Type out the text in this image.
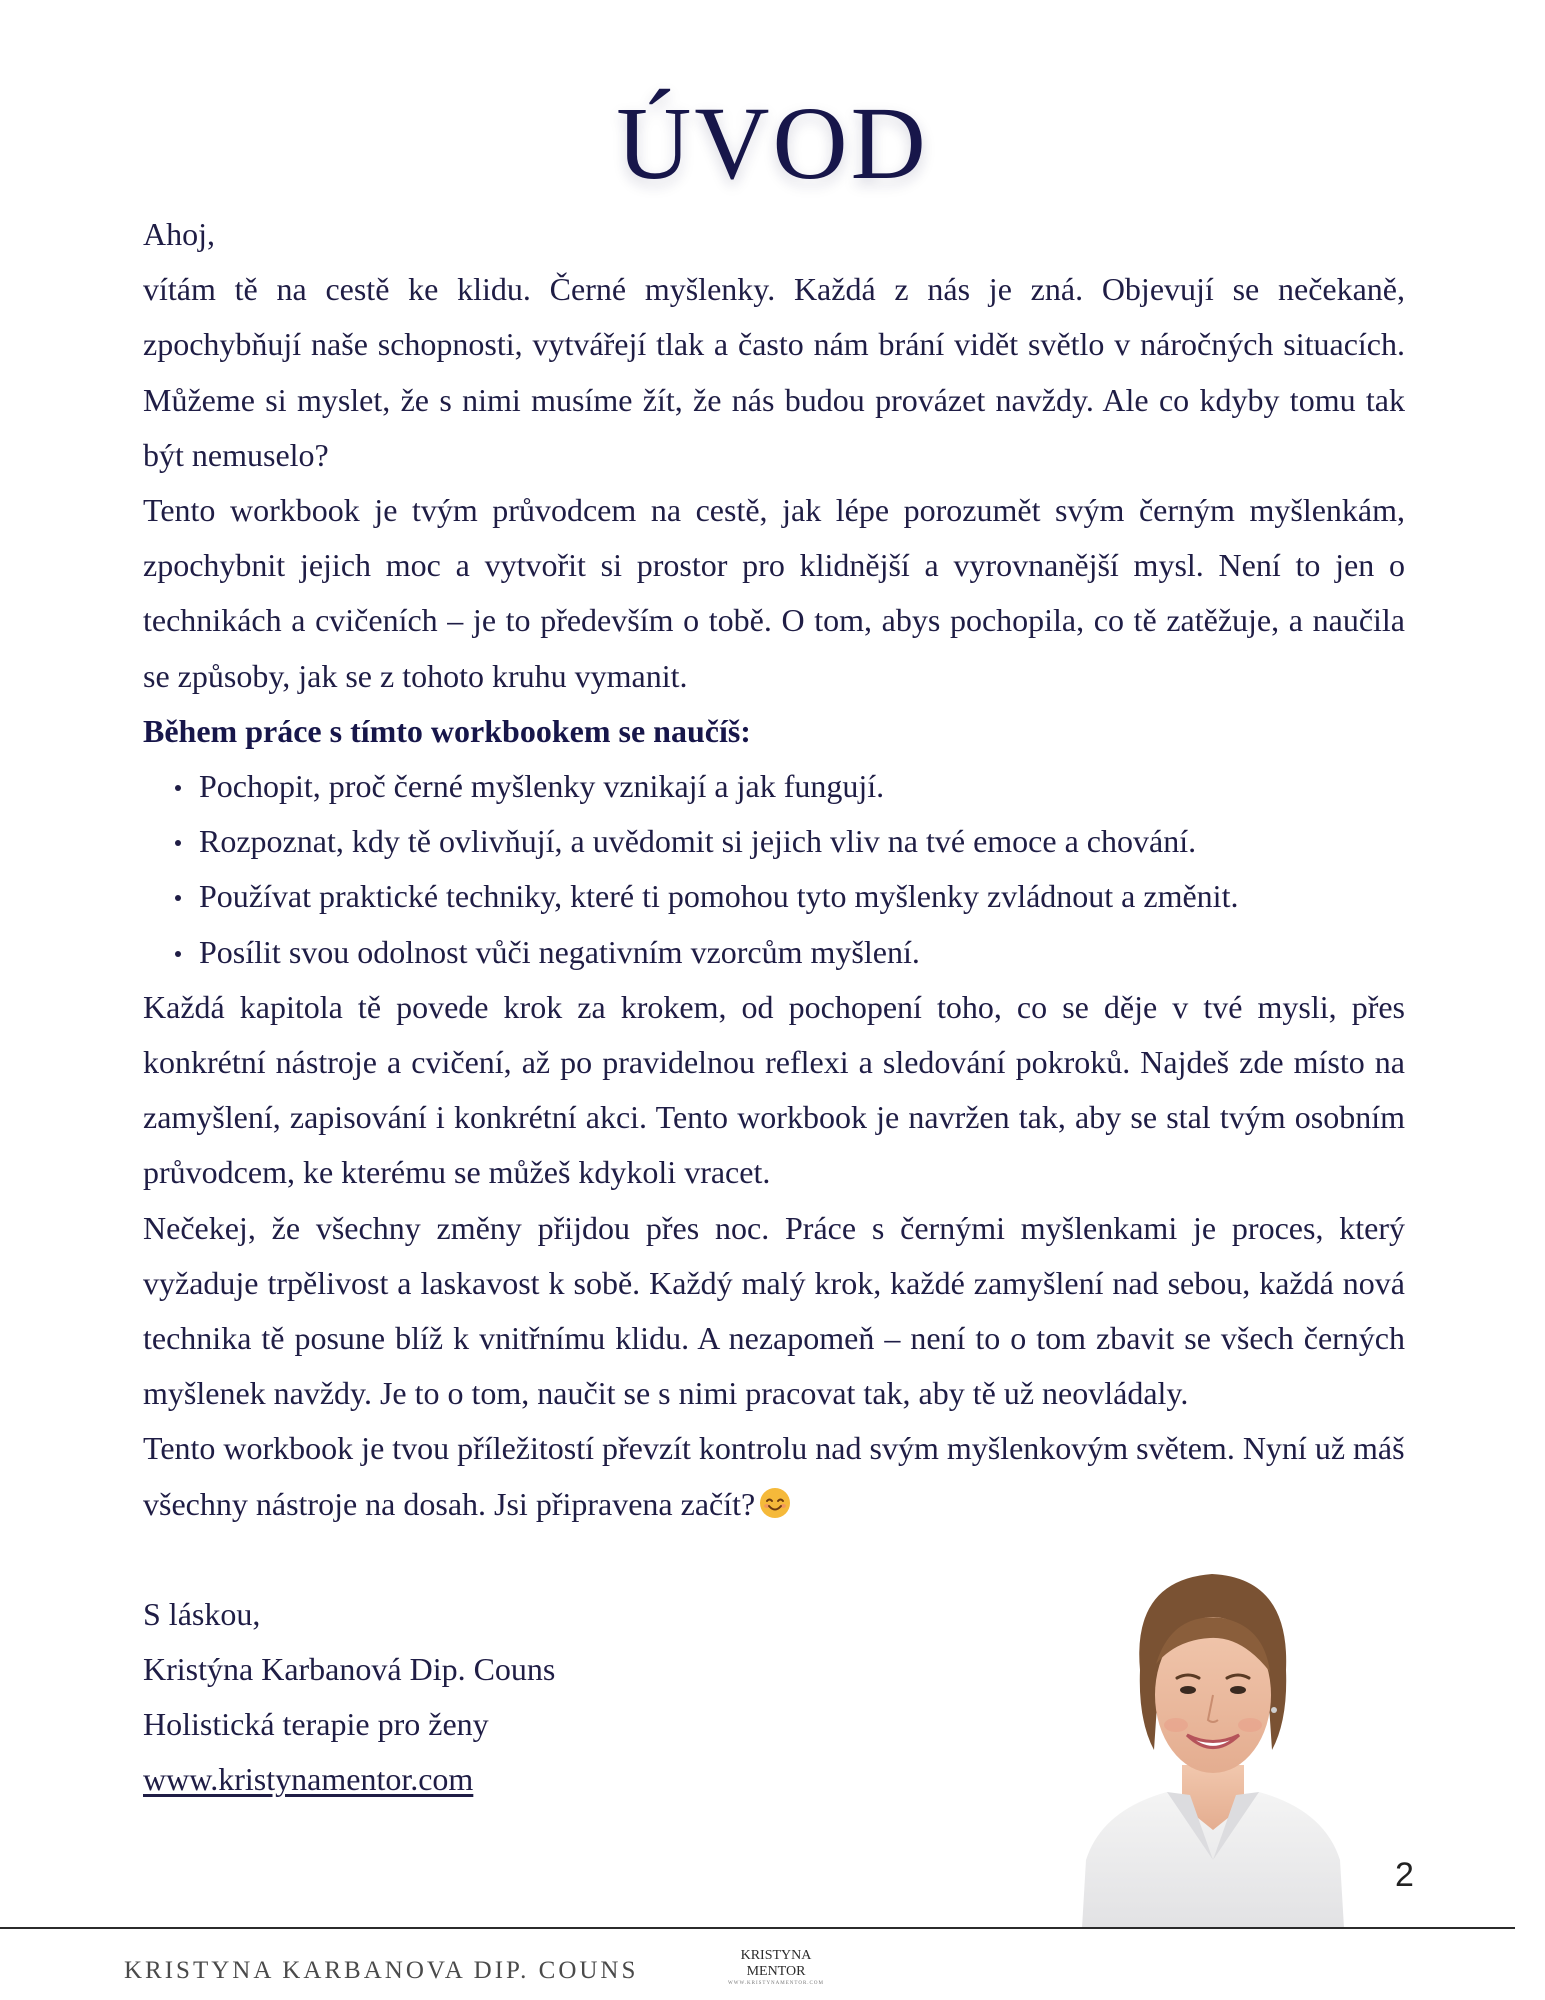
ÚVOD

Ahoj,

vítám tě na cestě ke klidu. Černé myšlenky. Každá z nás je zná. Objevují se nečekaně, zpochybňují naše schopnosti, vytvářejí tlak a často nám brání vidět světlo v náročných situacích. Můžeme si myslet, že s nimi musíme žít, že nás budou provázet navždy. Ale co kdyby tomu tak být nemuselo?

Tento workbook je tvým průvodcem na cestě, jak lépe porozumět svým černým myšlenkám, zpochybnit jejich moc a vytvořit si prostor pro klidnější a vyrovnanější mysl. Není to jen o technikách a cvičeních – je to především o tobě. O tom, abys pochopila, co tě zatěžuje, a naučila se způsoby, jak se z tohoto kruhu vymanit.

Během práce s tímto workbookem se naučíš:

Pochopit, proč černé myšlenky vznikají a jak fungují.
Rozpoznat, kdy tě ovlivňují, a uvědomit si jejich vliv na tvé emoce a chování.
Používat praktické techniky, které ti pomohou tyto myšlenky zvládnout a změnit.
Posílit svou odolnost vůči negativním vzorcům myšlení.

Každá kapitola tě povede krok za krokem, od pochopení toho, co se děje v tvé mysli, přes konkrétní nástroje a cvičení, až po pravidelnou reflexi a sledování pokroků. Najdeš zde místo na zamyšlení, zapisování i konkrétní akci. Tento workbook je navržen tak, aby se stal tvým osobním průvodcem, ke kterému se můžeš kdykoli vracet.

Nečekej, že všechny změny přijdou přes noc. Práce s černými myšlenkami je proces, který vyžaduje trpělivost a laskavost k sobě. Každý malý krok, každé zamyšlení nad sebou, každá nová technika tě posune blíž k vnitřnímu klidu. A nezapomeň – není to o tom zbavit se všech černých myšlenek navždy. Je to o tom, naučit se s nimi pracovat tak, aby tě už neovládaly.

Tento workbook je tvou příležitostí převzít kontrolu nad svým myšlenkovým světem. Nyní už máš všechny nástroje na dosah. Jsi připravena začít?

S láskou,

Kristýna Karbanová Dip. Couns

Holistická terapie pro ženy

www.kristynamentor.com

2
KRISTYNA KARBANOVA DIP. COUNS
KRISTYNA
MENTOR
WWW.KRISTYNAMENTOR.COM
